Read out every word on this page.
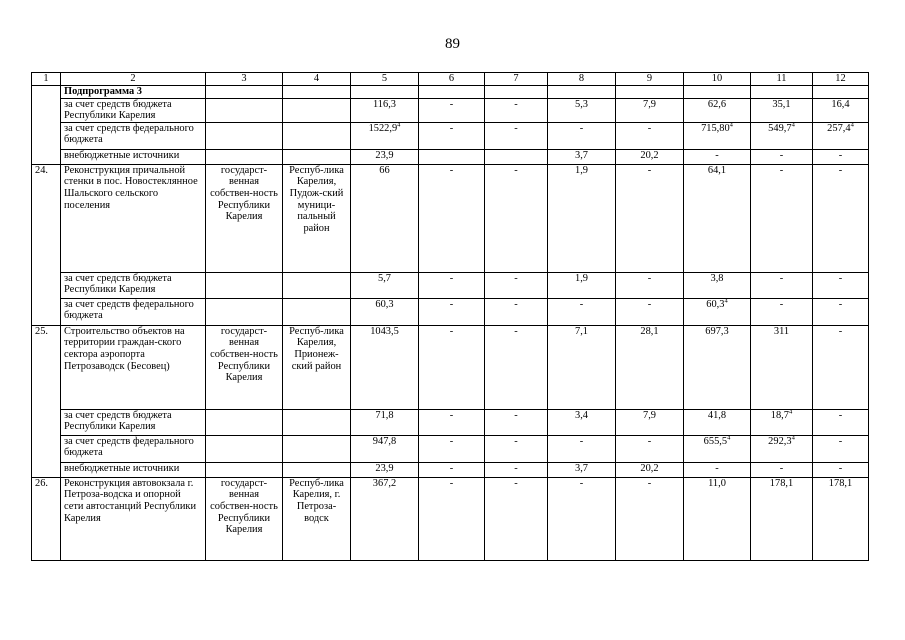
89
1	2	3	4	5	6	7	8	9	10	11	12
	Подпрограмма 3										
	за счет средств бюджета Республики Карелия			116,3	-	-	5,3	7,9	62,6	35,1	16,4
	за счет средств федерального бюджета			1522,9$^4$	-	-	-	-	715,80$^4$	549,7$^4$	257,4$^4$
	внебюджетные источники			23,9			3,7	20,2	-	-	-
24.	Реконструкция причальной стенки в пос. Новостеклянное Шальского сельского поселения	государст-венная собствен-ность Республики Карелия	Респуб-лика Карелия, Пудож-ский муници-пальный район	66	-	-	1,9	-	64,1	-	-
	за счет средств бюджета Республики Карелия			5,7	-	-	1,9	-	3,8	-	-
	за счет средств федерального бюджета			60,3	-	-	-	-	60,3$^4$	-	-
25.	Строительство объектов на территории граждан-ского сектора аэропорта Петрозаводск (Бесовец)	государст-венная собствен-ность Республики Карелия	Респуб-лика Карелия, Прионеж-ский район	1043,5	-	-	7,1	28,1	697,3	311	-
	за счет средств бюджета Республики Карелия			71,8	-	-	3,4	7,9	41,8	18,7$^4$	-
	за счет средств федерального бюджета			947,8	-	-	-	-	655,5$^4$	292,3$^4$	-
	внебюджетные источники			23,9	-	-	3,7	20,2	-	-	-
26.	Реконструкция автовокзала г. Петроза-водска и опорной сети автостанций Республики Карелия	государст-венная собствен-ность Республики Карелия	Респуб-лика Карелия, г. Петроза-водск	367,2	-	-	-	-	11,0	178,1	178,1
